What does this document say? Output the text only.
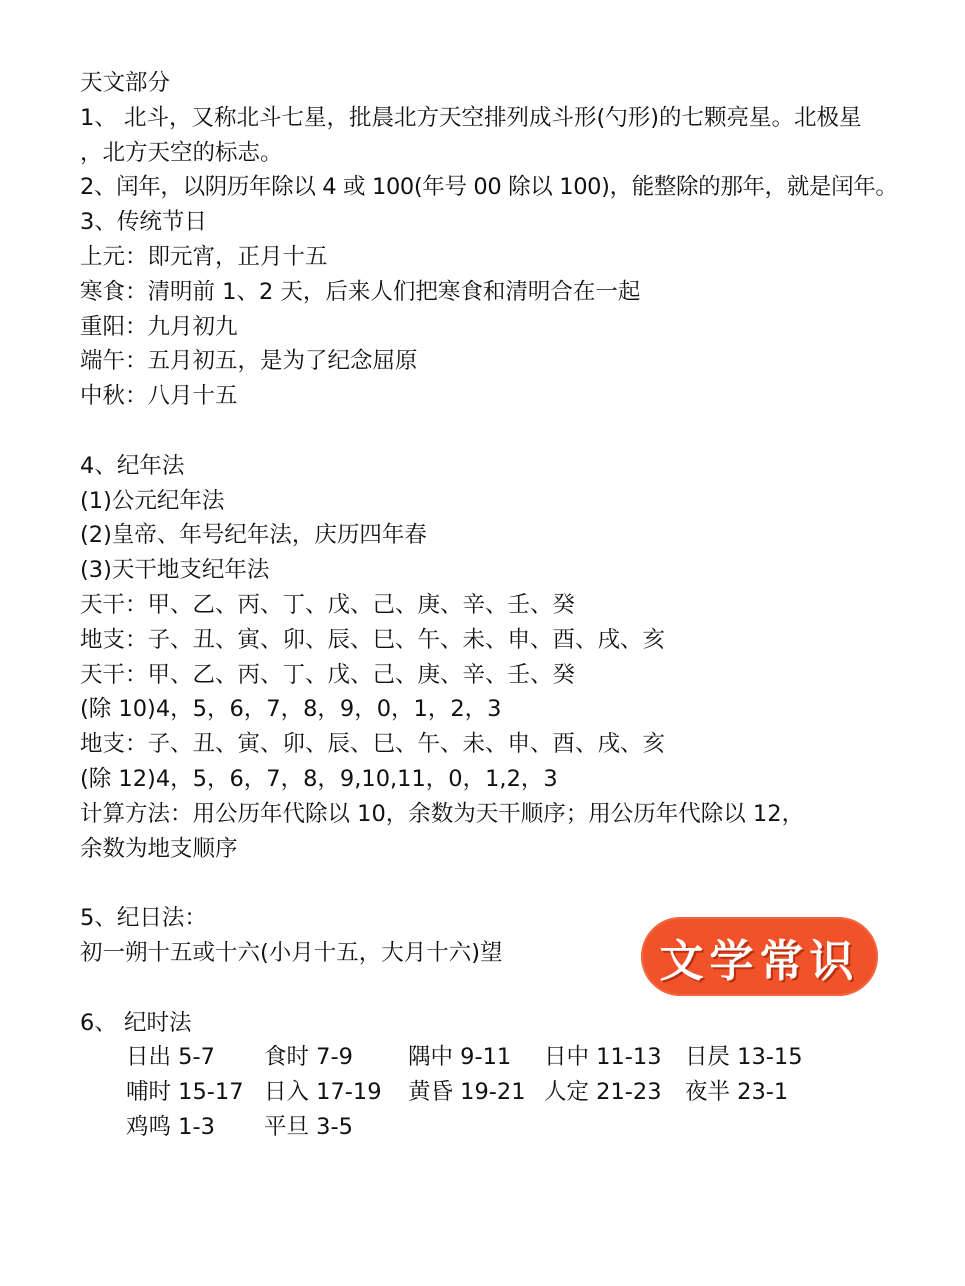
天文部分
1、 北斗，又称北斗七星，批晨北方天空排列成斗形(勺形)的七颗亮星。北极星
，北方天空的标志。
2、闰年，以阴历年除以 4 或 100(年号 00 除以 100)，能整除的那年，就是闰年。
3、传统节日
上元：即元宵，正月十五
寒食：清明前 1、2 天，后来人们把寒食和清明合在一起
重阳：九月初九
端午：五月初五，是为了纪念屈原
中秋：八月十五
4、纪年法
(1)公元纪年法
(2)皇帝、年号纪年法，庆历四年春
(3)天干地支纪年法
天干：甲、乙、丙、丁、戊、己、庚、辛、壬、癸
地支：子、丑、寅、卯、辰、巳、午、未、申、酉、戌、亥
天干：甲、乙、丙、丁、戊、己、庚、辛、壬、癸
(除 10)4，5，6，7，8，9，0，1，2，3
地支：子、丑、寅、卯、辰、巳、午、未、申、酉、戌、亥
(除 12)4，5，6，7，8，9,10,11，0，1,2，3
计算方法：用公历年代除以 10，余数为天干顺序；用公历年代除以 12，
余数为地支顺序
5、纪日法：
初一朔十五或十六(小月十五，大月十六)望
6、 纪时法
日出 5-7	食时 7-9	隅中 9-11	日中 11-13	日昃 13-15
哺时 15-17 日入 17-19	黄昏 19-21 人定 21-23	夜半 23-1
鸡鸣 1-3	平旦 3-5
文学常识
